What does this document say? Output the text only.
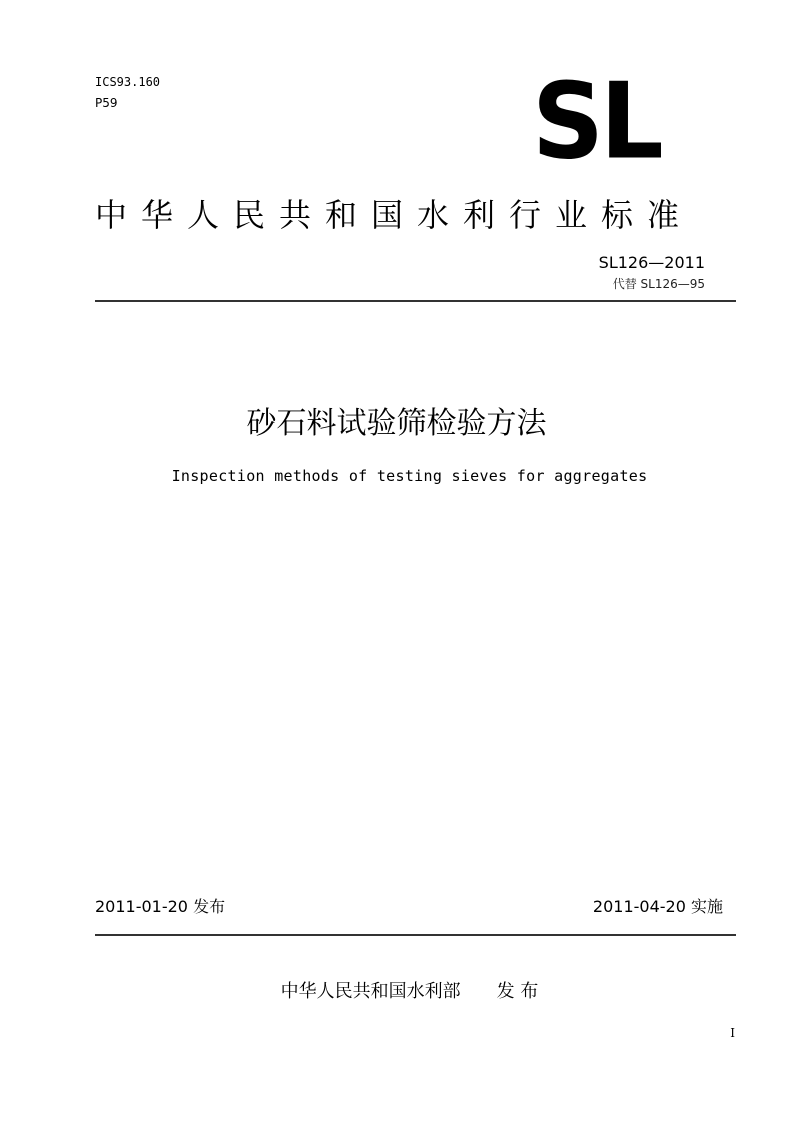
ICS93.160
P59	SL
中华人民共和国水利行业标准
SL126—2011
代替 SL126—95
砂石料试验筛检验方法
Inspection methods of testing sieves for aggregates
2011-01-20 发布	2011-04-20 实施
中华人民共和国水利部　　发 布
I
